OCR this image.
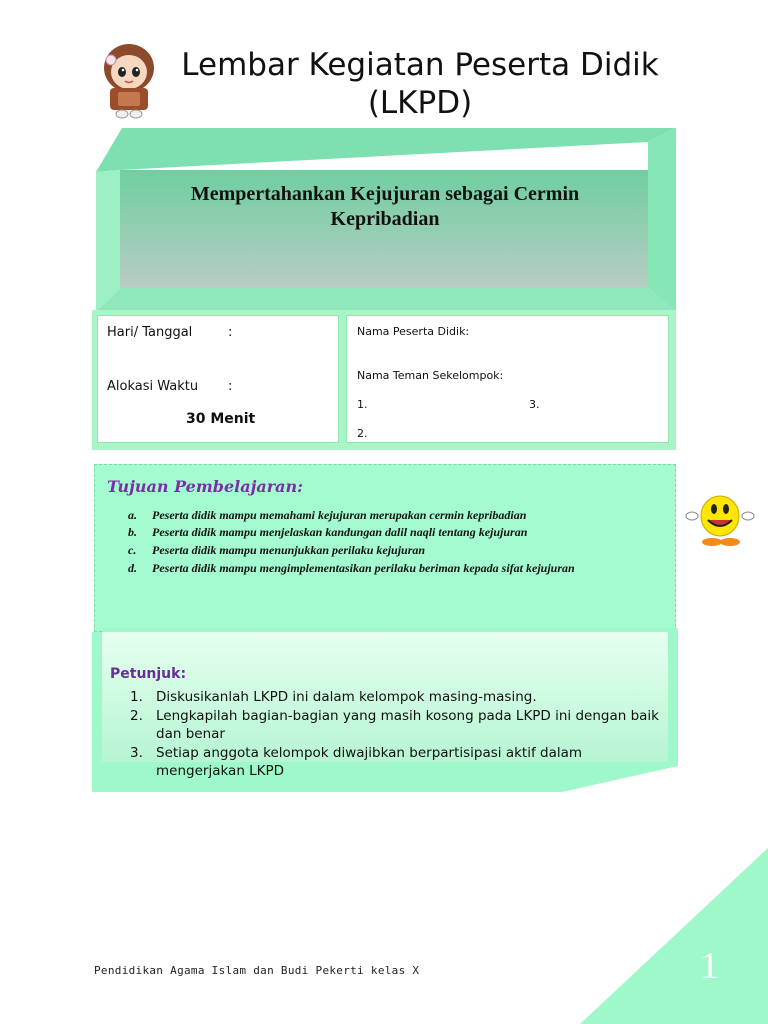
Lembar Kegiatan Peserta Didik
(LKPD)
Mempertahankan Kejujuran sebagai Cermin
Kepribadian
Hari/ Tanggal	:
Alokasi Waktu :
30 Menit
Nama Peserta Didik:
Nama Teman Sekelompok:
1.	3.
2.
Tujuan Pembelajaran:
a. Peserta didik mampu memahami kejujuran merupakan cermin kepribadian
b. Peserta didik mampu menjelaskan kandungan dalil naqli tentang kejujuran
c. Peserta didik mampu menunjukkan perilaku kejujuran
d. Peserta didik mampu mengimplementasikan perilaku beriman kepada sifat kejujuran
Petunjuk:
1. Diskusikanlah LKPD ini dalam kelompok masing-masing.
2. Lengkapilah bagian-bagian yang masih kosong pada LKPD ini dengan baik
dan benar
3. Setiap anggota kelompok diwajibkan berpartisipasi aktif dalam
mengerjakan LKPD
Pendidikan Agama Islam dan Budi Pekerti kelas X	1
